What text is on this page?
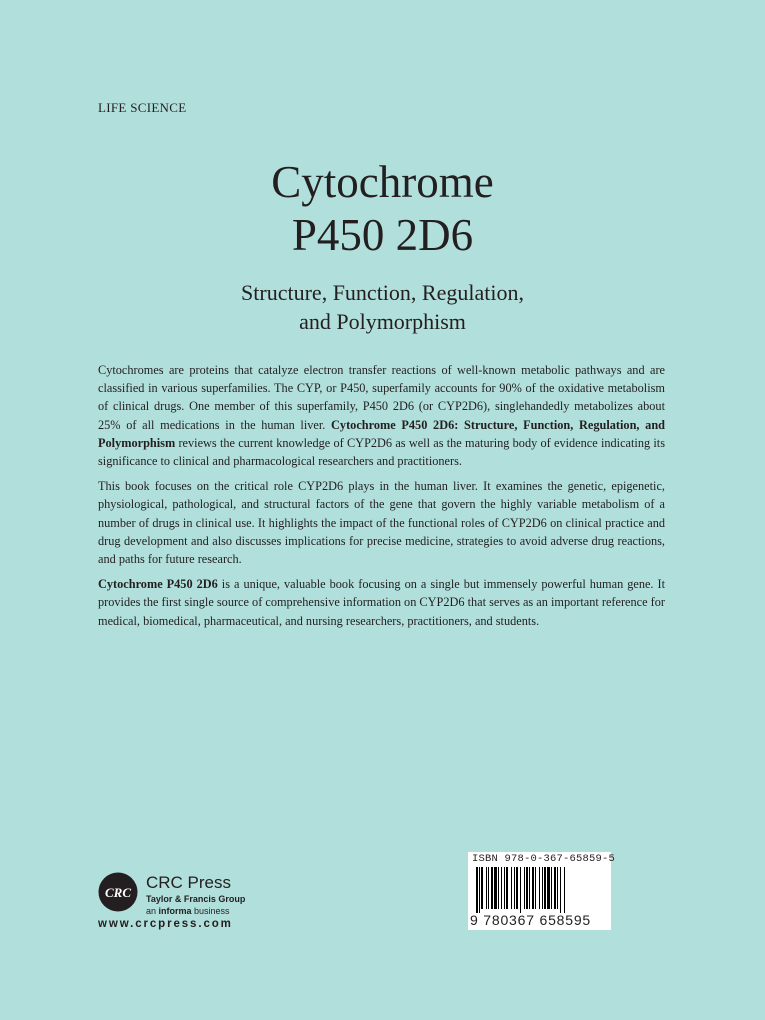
LIFE SCIENCE
Cytochrome
P450 2D6
Structure, Function, Regulation,
and Polymorphism

Cytochromes are proteins that catalyze electron transfer reactions of well-known metabolic pathways and are classified in various superfamilies. The CYP, or P450, superfamily accounts for 90% of the oxidative metabolism of clinical drugs. One member of this superfamily, P450 2D6 (or CYP2D6), singlehandedly metabolizes about 25% of all medications in the human liver. Cytochrome P450 2D6: Structure, Function, Regulation, and Polymorphism reviews the current knowledge of CYP2D6 as well as the maturing body of evidence indicating its significance to clinical and pharmacological researchers and practitioners.

This book focuses on the critical role CYP2D6 plays in the human liver. It examines the genetic, epigenetic, physiological, pathological, and structural factors of the gene that govern the highly variable metabolism of a number of drugs in clinical use. It highlights the impact of the functional roles of CYP2D6 on clinical practice and drug development and also discusses implications for precise medicine, strategies to avoid adverse drug reactions, and paths for future research.

Cytochrome P450 2D6 is a unique, valuable book focusing on a single but immensely powerful human gene. It provides the first single source of comprehensive information on CYP2D6 that serves as an important reference for medical, biomedical, pharmaceutical, and nursing researchers, practitioners, and students.

CRC
CRC Press
Taylor & Francis Group
an informa business
www.crcpress.com
ISBN 978-0-367-65859-5
9 780367 658595
